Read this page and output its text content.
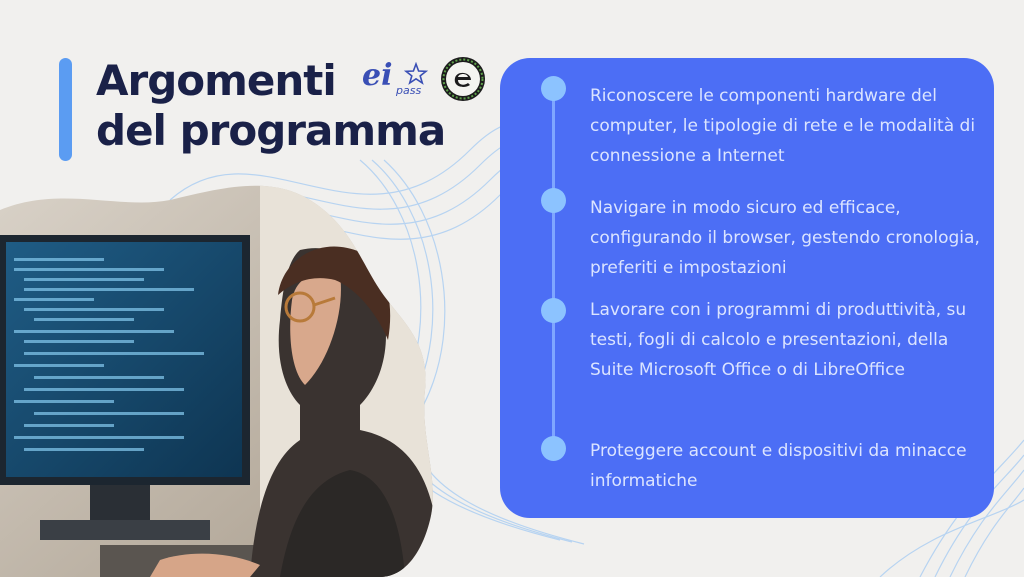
Argomenti
del programma
ei pass	Riconoscere le componenti hardware del computer, le tipologie di rete e le modalità di connessione a Internet

Navigare in modo sicuro ed efficace, configurando il browser, gestendo cronologia, preferiti e impostazioni

Lavorare con i programmi di produttività, su testi, fogli di calcolo e presentazioni, della Suite Microsoft Office o di LibreOffice

Proteggere account e dispositivi da minacce informatiche
